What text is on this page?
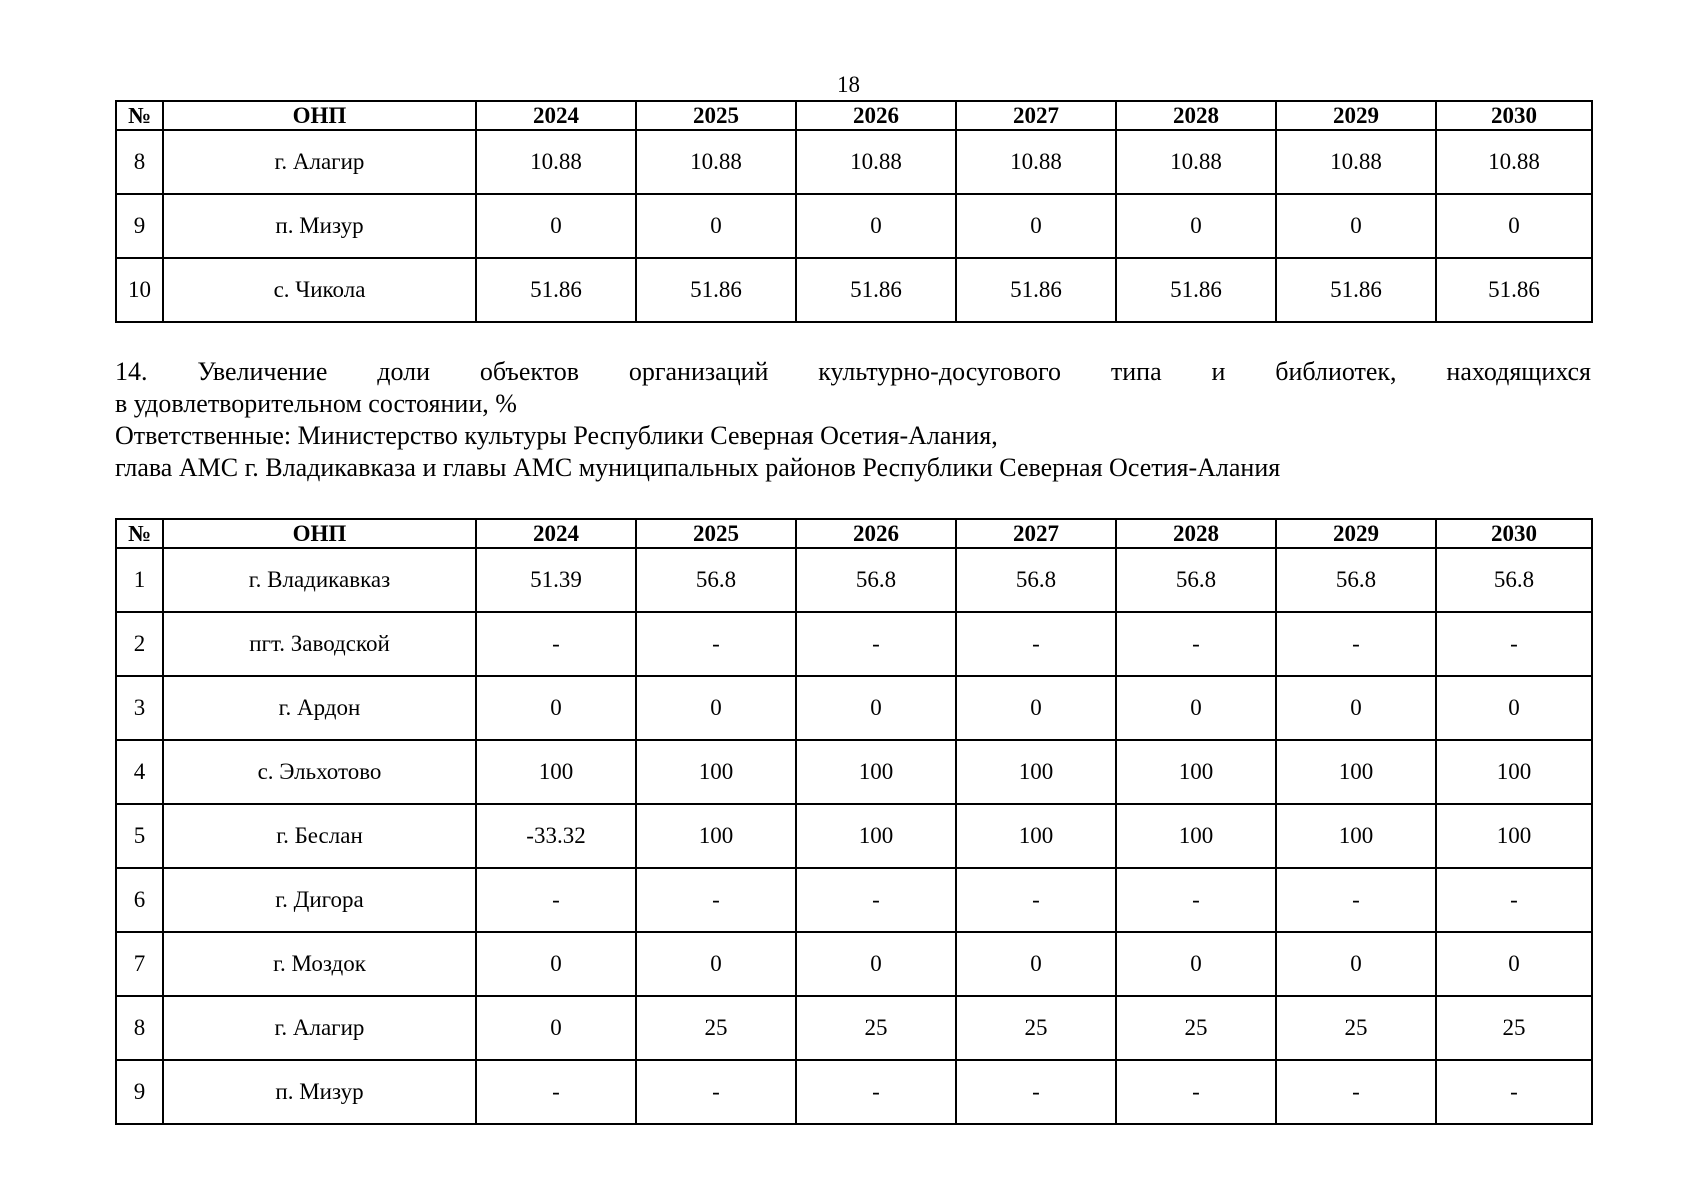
18
№	ОНП	2024	2025	2026	2027	2028	2029	2030
8	г. Алагир	10.88	10.88	10.88	10.88	10.88	10.88	10.88
9	п. Мизур	0	0	0	0	0	0	0
10	с. Чикола	51.86	51.86	51.86	51.86	51.86	51.86	51.86

14. Увеличение доли объектов организаций культурно-досугового типа и библиотек, находящихся

в удовлетворительном состоянии, %

Ответственные: Министерство культуры Республики Северная Осетия-Алания,

глава АМС г. Владикавказа и главы АМС муниципальных районов Республики Северная Осетия-Алания

№	ОНП	2024	2025	2026	2027	2028	2029	2030
1	г. Владикавказ	51.39	56.8	56.8	56.8	56.8	56.8	56.8
2	пгт. Заводской	-	-	-	-	-	-	-
3	г. Ардон	0	0	0	0	0	0	0
4	с. Эльхотово	100	100	100	100	100	100	100
5	г. Беслан	-33.32	100	100	100	100	100	100
6	г. Дигора	-	-	-	-	-	-	-
7	г. Моздок	0	0	0	0	0	0	0
8	г. Алагир	0	25	25	25	25	25	25
9	п. Мизур	-	-	-	-	-	-	-
